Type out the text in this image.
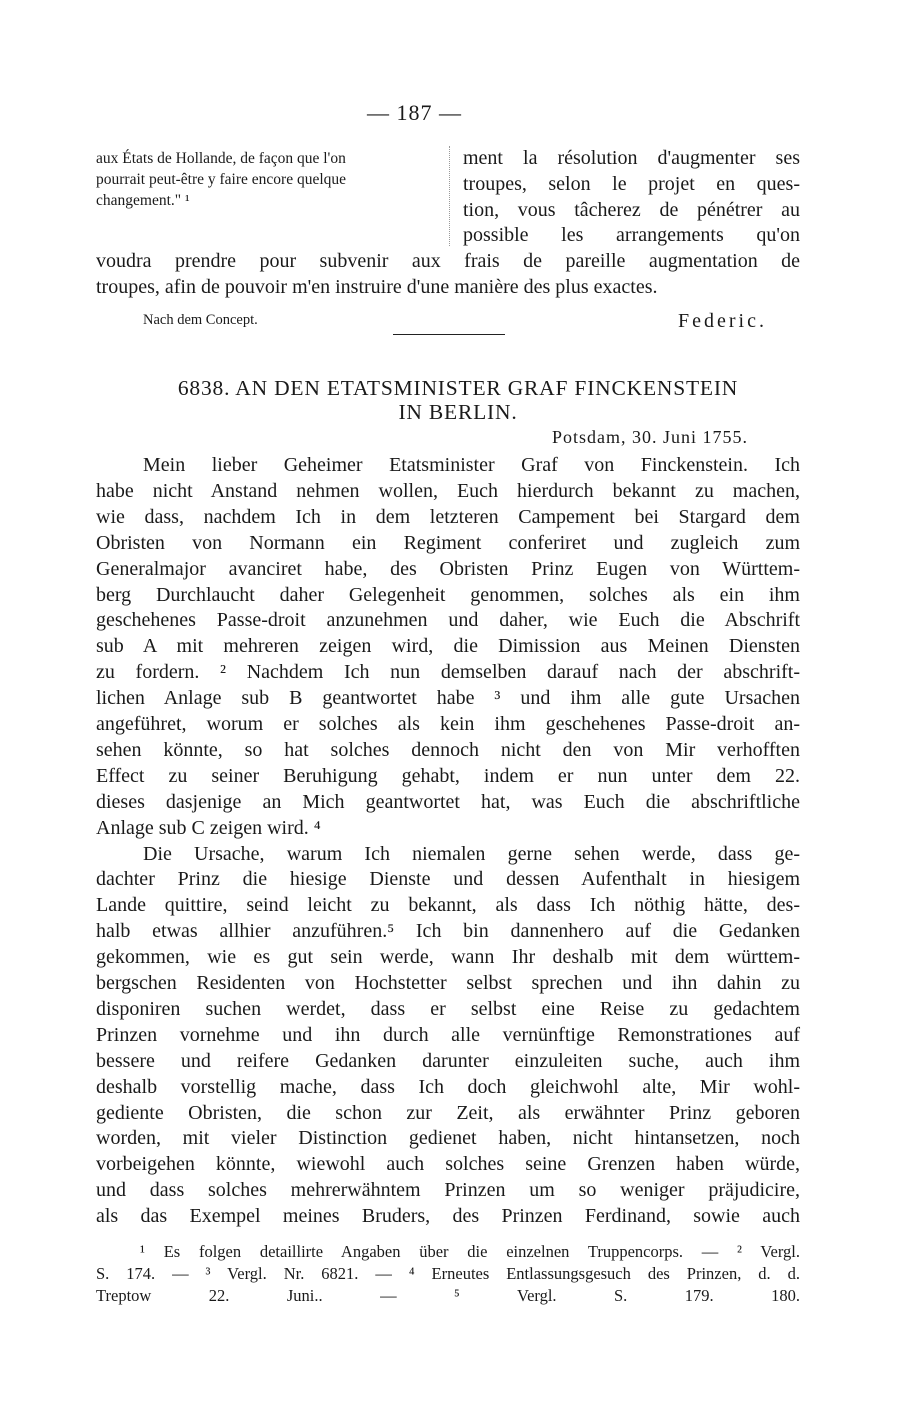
— 187 —
aux États de Hollande, de façon que l'on
pourrait peut-être y faire encore quelque
changement." ¹
ment la résolution d'augmenter ses
troupes, selon le projet en ques-
tion, vous tâcherez de pénétrer au
possible les arrangements qu'on
voudra prendre pour subvenir aux frais de pareille augmentation de
troupes, afin de pouvoir m'en instruire d'une manière des plus exactes.
Nach dem Concept.	Federic.
6838. AN DEN ETATSMINISTER GRAF FINCKENSTEIN
IN BERLIN.
Potsdam, 30. Juni 1755.
Mein lieber Geheimer Etatsminister Graf von Finckenstein. Ich
habe nicht Anstand nehmen wollen, Euch hierdurch bekannt zu machen,
wie dass, nachdem Ich in dem letzteren Campement bei Stargard dem
Obristen von Normann ein Regiment conferiret und zugleich zum
Generalmajor avanciret habe, des Obristen Prinz Eugen von Württem-
berg Durchlaucht daher Gelegenheit genommen, solches als ein ihm
geschehenes Passe-droit anzunehmen und daher, wie Euch die Abschrift
sub A mit mehreren zeigen wird, die Dimission aus Meinen Diensten
zu fordern. ² Nachdem Ich nun demselben darauf nach der abschrift-
lichen Anlage sub B geantwortet habe ³ und ihm alle gute Ursachen
angeführet, worum er solches als kein ihm geschehenes Passe-droit an-
sehen könnte, so hat solches dennoch nicht den von Mir verhofften
Effect zu seiner Beruhigung gehabt, indem er nun unter dem 22.
dieses dasjenige an Mich geantwortet hat, was Euch die abschriftliche
Anlage sub C zeigen wird. ⁴
Die Ursache, warum Ich niemalen gerne sehen werde, dass ge-
dachter Prinz die hiesige Dienste und dessen Aufenthalt in hiesigem
Lande quittire, seind leicht zu bekannt, als dass Ich nöthig hätte, des-
halb etwas allhier anzuführen.⁵ Ich bin dannenhero auf die Gedanken
gekommen, wie es gut sein werde, wann Ihr deshalb mit dem württem-
bergschen Residenten von Hochstetter selbst sprechen und ihn dahin zu
disponiren suchen werdet, dass er selbst eine Reise zu gedachtem
Prinzen vornehme und ihn durch alle vernünftige Remonstrationes auf
bessere und reifere Gedanken darunter einzuleiten suche, auch ihm
deshalb vorstellig mache, dass Ich doch gleichwohl alte, Mir wohl-
gediente Obristen, die schon zur Zeit, als erwähnter Prinz geboren
worden, mit vieler Distinction gedienet haben, nicht hintansetzen, noch
vorbeigehen könnte, wiewohl auch solches seine Grenzen haben würde,
und dass solches mehrerwähntem Prinzen um so weniger präjudicire,
als das Exempel meines Bruders, des Prinzen Ferdinand, sowie auch
¹ Es folgen detaillirte Angaben über die einzelnen Truppencorps. — ² Vergl.
S. 174. — ³ Vergl. Nr. 6821. — ⁴ Erneutes Entlassungsgesuch des Prinzen, d. d.
Treptow 22. Juni.. — ⁵ Vergl. S. 179. 180.
